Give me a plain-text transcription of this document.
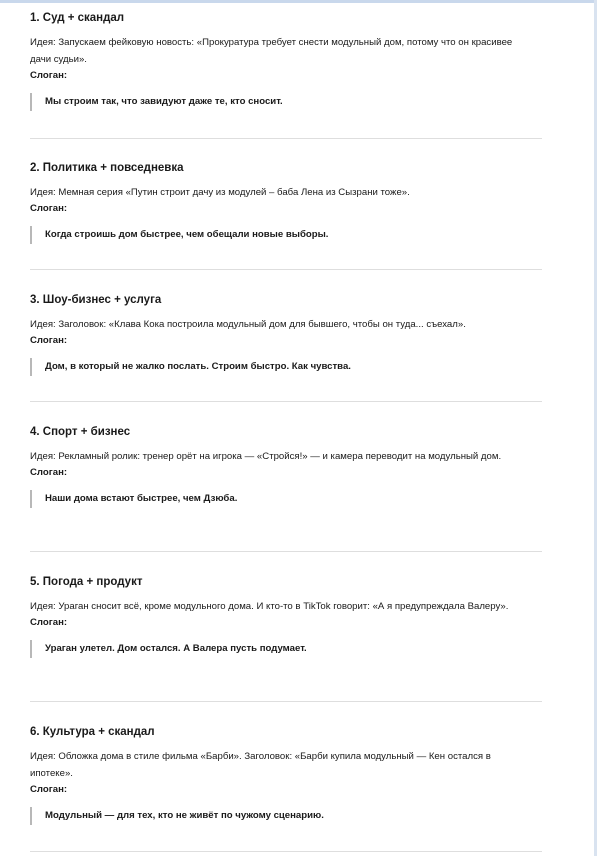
1. Суд + скандал
Идея: Запускаем фейковую новость: «Прокуратура требует снести модульный дом, потому что он красивее дачи судьи».
Слоган:
Мы строим так, что завидуют даже те, кто сносит.
2. Политика + повседневка
Идея: Мемная серия «Путин строит дачу из модулей – баба Лена из Сызрани тоже».
Слоган:
Когда строишь дом быстрее, чем обещали новые выборы.
3. Шоу-бизнес + услуга
Идея: Заголовок: «Клава Кока построила модульный дом для бывшего, чтобы он туда... съехал».
Слоган:
Дом, в который не жалко послать. Строим быстро. Как чувства.
4. Спорт + бизнес
Идея: Рекламный ролик: тренер орёт на игрока — «Стройся!» — и камера переводит на модульный дом.
Слоган:
Наши дома встают быстрее, чем Дзюба.
5. Погода + продукт
Идея: Ураган сносит всё, кроме модульного дома. И кто-то в TikTok говорит: «А я предупреждала Валеру».
Слоган:
Ураган улетел. Дом остался. А Валера пусть подумает.
6. Культура + скандал
Идея: Обложка дома в стиле фильма «Барби». Заголовок: «Барби купила модульный — Кен остался в ипотеке».
Слоган:
Модульный — для тех, кто не живёт по чужому сценарию.
